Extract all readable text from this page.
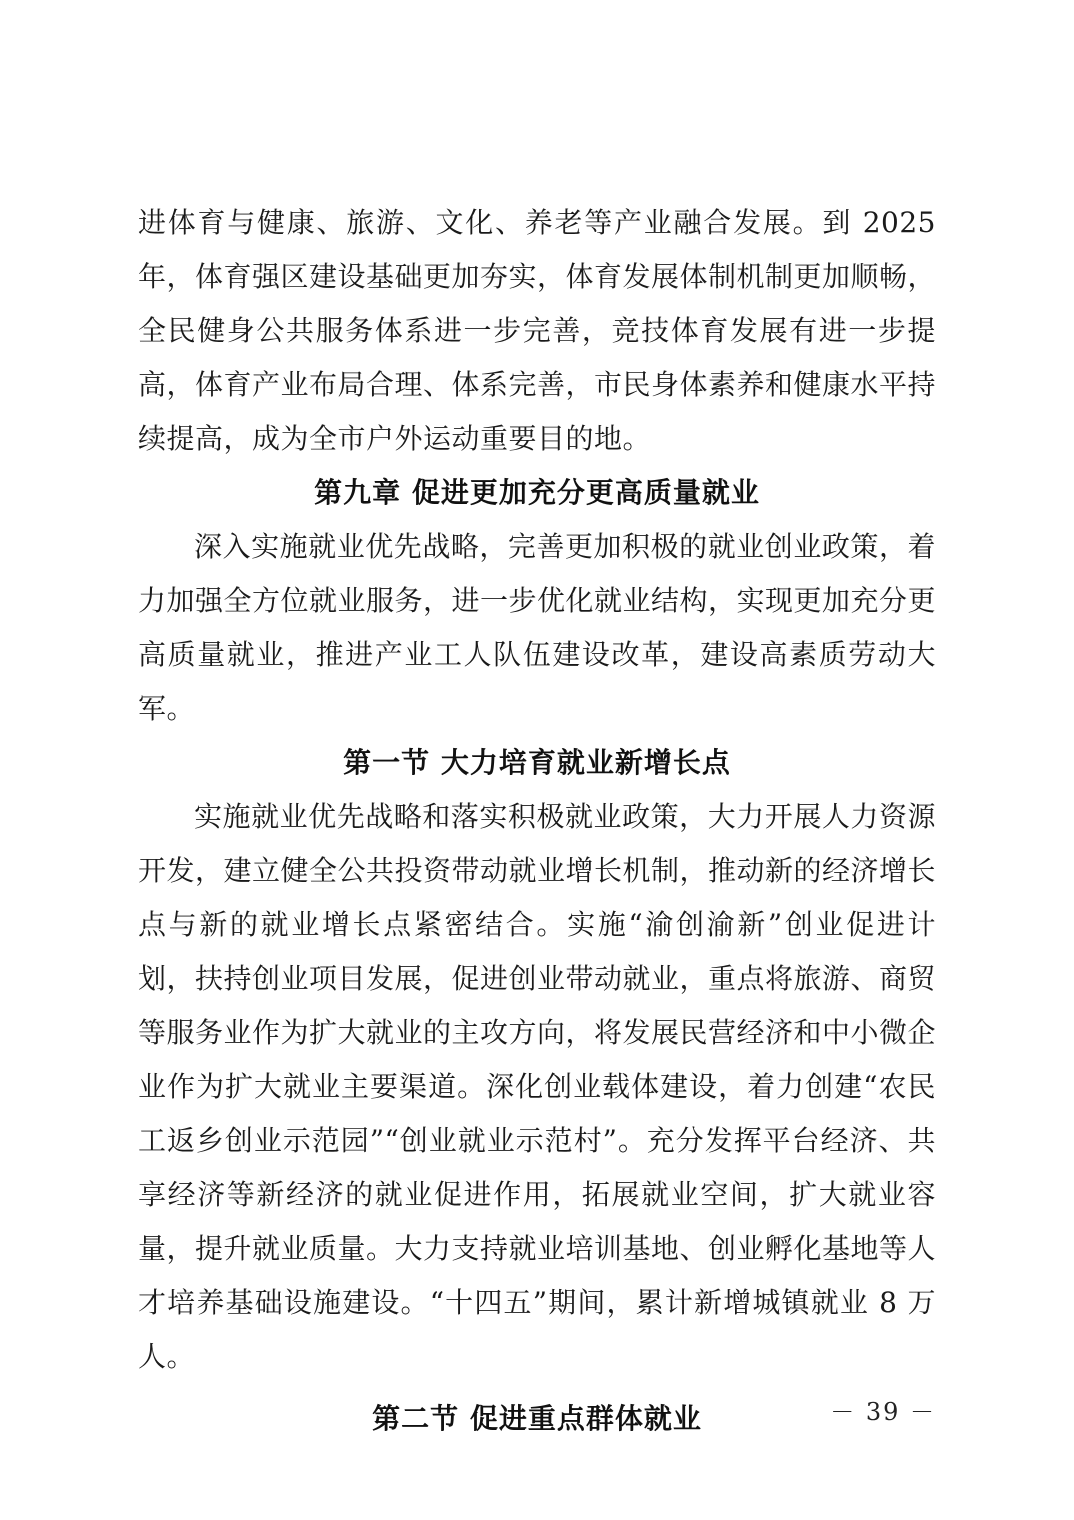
进体育与健康、旅游、文化、养老等产业融合发展。到 2025 年，体育强区建设基础更加夯实，体育发展体制机制更加顺畅，全民健身公共服务体系进一步完善，竞技体育发展有进一步提高，体育产业布局合理、体系完善，市民身体素养和健康水平持续提高，成为全市户外运动重要目的地。

第九章 促进更加充分更高质量就业

深入实施就业优先战略，完善更加积极的就业创业政策，着力加强全方位就业服务，进一步优化就业结构，实现更加充分更高质量就业，推进产业工人队伍建设改革，建设高素质劳动大军。

第一节 大力培育就业新增长点

实施就业优先战略和落实积极就业政策，大力开展人力资源开发，建立健全公共投资带动就业增长机制，推动新的经济增长点与新的就业增长点紧密结合。实施“渝创渝新”创业促进计划，扶持创业项目发展，促进创业带动就业，重点将旅游、商贸等服务业作为扩大就业的主攻方向，将发展民营经济和中小微企业作为扩大就业主要渠道。深化创业载体建设，着力创建“农民工返乡创业示范园”“创业就业示范村”。充分发挥平台经济、共享经济等新经济的就业促进作用，拓展就业空间，扩大就业容量，提升就业质量。大力支持就业培训基地、创业孵化基地等人才培养基础设施建设。“十四五”期间，累计新增城镇就业 8 万人。

第二节 促进重点群体就业	－ 39 －
